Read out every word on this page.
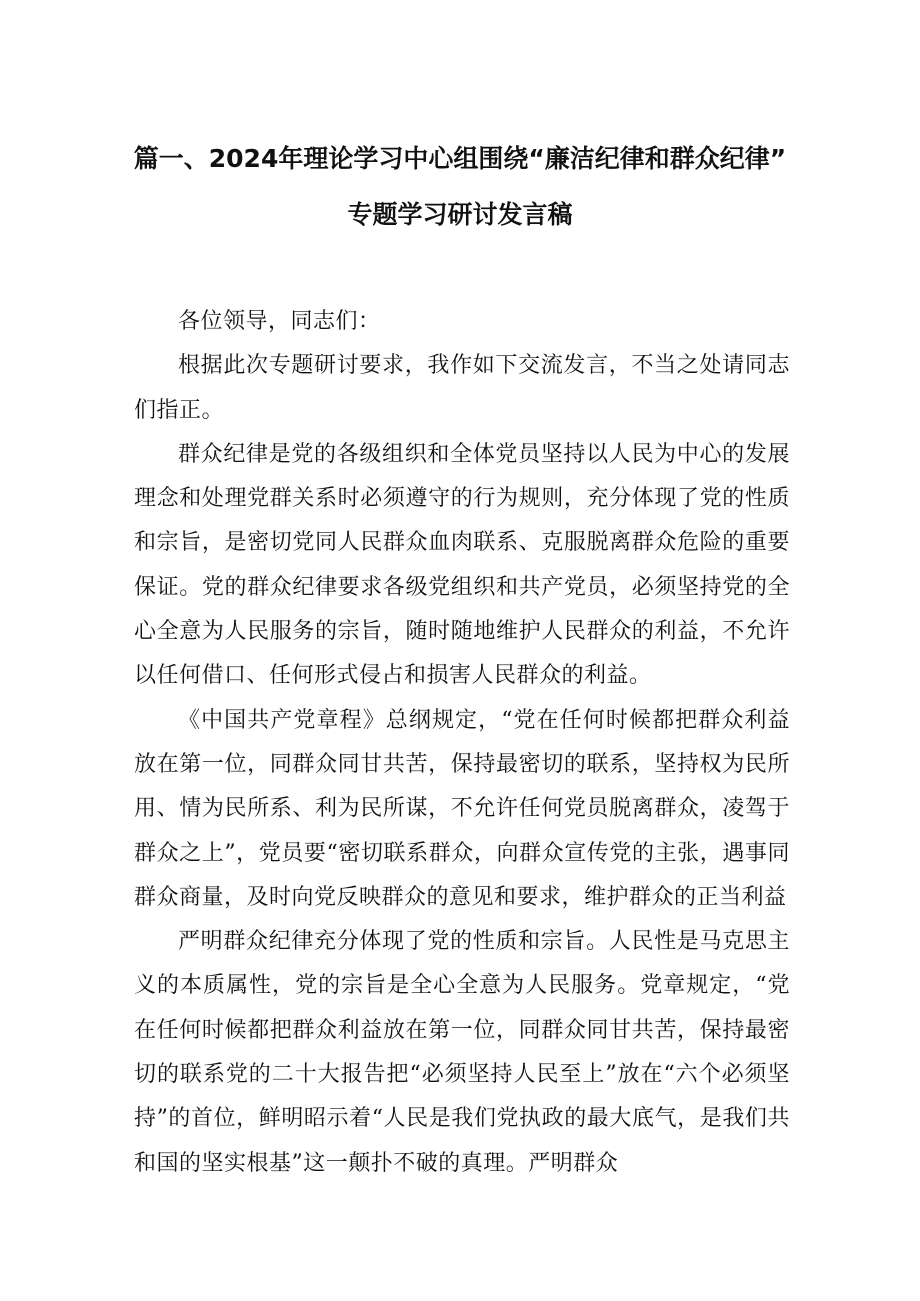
篇一、2024年理论学习中心组围绕“廉洁纪律和群众纪律”
专题学习研讨发言稿

各位领导，同志们：

根据此次专题研讨要求，我作如下交流发言，不当之处请同志们指正。

群众纪律是党的各级组织和全体党员坚持以人民为中心的发展理念和处理党群关系时必须遵守的行为规则，充分体现了党的性质和宗旨，是密切党同人民群众血肉联系、克服脱离群众危险的重要保证。党的群众纪律要求各级党组织和共产党员，必须坚持党的全心全意为人民服务的宗旨，随时随地维护人民群众的利益，不允许以任何借口、任何形式侵占和损害人民群众的利益。

《中国共产党章程》总纲规定，“党在任何时候都把群众利益放在第一位，同群众同甘共苦，保持最密切的联系，坚持权为民所用、情为民所系、利为民所谋，不允许任何党员脱离群众，凌驾于群众之上”，党员要“密切联系群众，向群众宣传党的主张，遇事同群众商量，及时向党反映群众的意见和要求，维护群众的正当利益

严明群众纪律充分体现了党的性质和宗旨。人民性是马克思主义的本质属性，党的宗旨是全心全意为人民服务。党章规定，“党在任何时候都把群众利益放在第一位，同群众同甘共苦，保持最密切的联系党的二十大报告把“必须坚持人民至上”放在“六个必须坚持”的首位，鲜明昭示着“人民是我们党执政的最大底气，是我们共和国的坚实根基”这一颠扑不破的真理。严明群众
